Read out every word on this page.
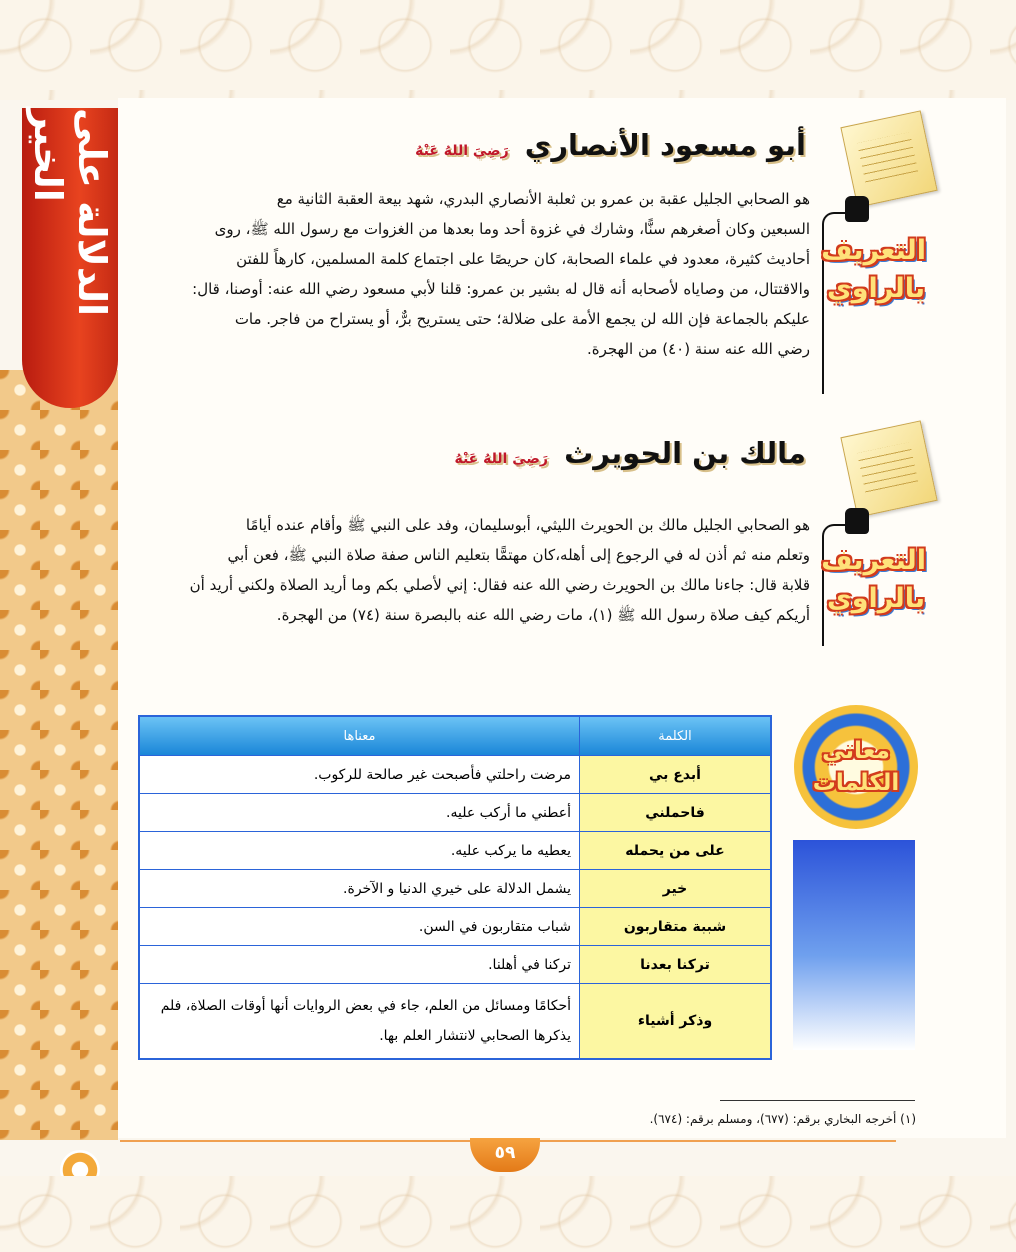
الدلالة على الخير	أبو مسعود الأنصاري رَضِيَ اللهُ عَنْهُ
التعريف
بالراوي
هو الصحابي الجليل عقبة بن عمرو بن ثعلبة الأنصاري البدري، شهد بيعة العقبة الثانية مع
السبعين وكان أصغرهم سنًّا، وشارك في غزوة أحد وما بعدها من الغزوات مع رسول الله ﷺ، روى
أحاديث كثيرة، معدود في علماء الصحابة، كان حريصًا على اجتماع كلمة المسلمين، كارهاً للفتن
والاقتتال، من وصاياه لأصحابه أنه قال له بشير بن عمرو: قلنا لأبي مسعود رضي الله عنه: أوصنا، قال:
عليكم بالجماعة فإن الله لن يجمع الأمة على ضلالة؛ حتى يستريح برٌّ، أو يستراح من فاجر. مات
رضي الله عنه سنة (٤٠) من الهجرة.
مالك بن الحويرث رَضِيَ اللهُ عَنْهُ
التعريف
بالراوي
هو الصحابي الجليل مالك بن الحويرث الليثي، أبوسليمان، وفد على النبي ﷺ وأقام عنده أيامًا
وتعلم منه ثم أذن له في الرجوع إلى أهله،كان مهتمًّا بتعليم الناس صفة صلاة النبي ﷺ، فعن أبي
قلابة قال: جاءنا مالك بن الحويرث رضي الله عنه فقال: إني لأصلي بكم وما أريد الصلاة ولكني أريد أن
أريكم كيف صلاة رسول الله ﷺ (١)، مات رضي الله عنه بالبصرة سنة (٧٤) من الهجرة.
معاني
الكلمات
الكلمة	معناها
أبدع بي	مرضت راحلتي فأصبحت غير صالحة للركوب.
فاحملني	أعطني ما أركب عليه.
على من يحمله	يعطيه ما يركب عليه.
خير	يشمل الدلالة على خيري الدنيا و الآخرة.
شببة متقاربون	شباب متقاربون في السن.
تركنا بعدنا	تركنا في أهلنا.
وذكر أشياء	أحكامًا ومسائل من العلم، جاء في بعض الروايات أنها أوقات الصلاة، فلم يذكرها الصحابي لانتشار العلم بها.
(١) أخرجه البخاري برقم: (٦٧٧)، ومسلم برقم: (٦٧٤).
٥٩
